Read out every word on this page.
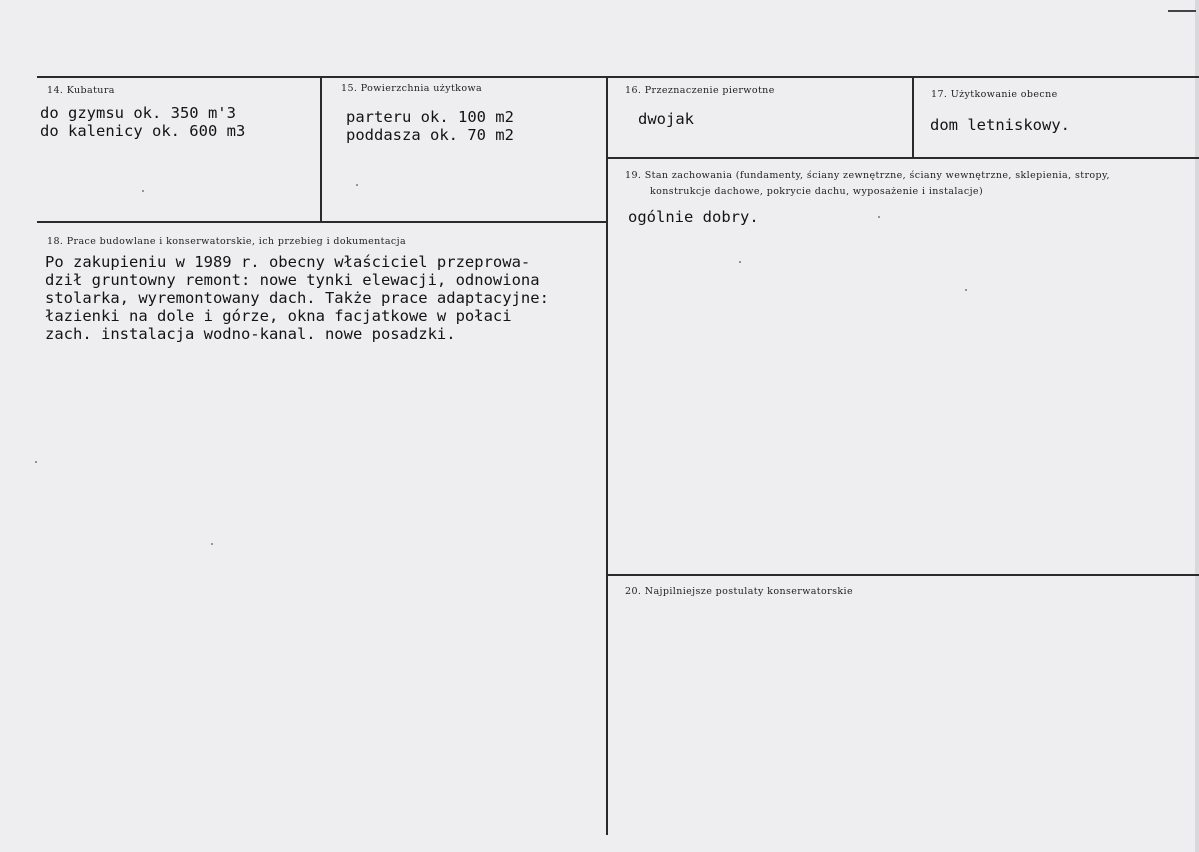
14. Kubatura
do gzymsu ok. 350 m'3
do kalenicy ok. 600 m3
15. Powierzchnia użytkowa
parteru ok. 100 m2
poddasza ok. 70 m2
16. Przeznaczenie pierwotne
dwojak
17. Użytkowanie obecne
dom letniskowy.
18. Prace budowlane i konserwatorskie, ich przebieg i dokumentacja
Po zakupieniu w 1989 r. obecny właściciel przeprowa-
dził gruntowny remont: nowe tynki elewacji, odnowiona
stolarka, wyremontowany dach. Także prace adaptacyjne:
łazienki na dole i górze, okna facjatkowe w połaci
zach. instalacja wodno-kanal. nowe posadzki.
19. Stan zachowania (fundamenty, ściany zewnętrzne, ściany wewnętrzne, sklepienia, stropy,
konstrukcje dachowe, pokrycie dachu, wyposażenie i instalacje)
ogólnie dobry.
20. Najpilniejsze postulaty konserwatorskie
